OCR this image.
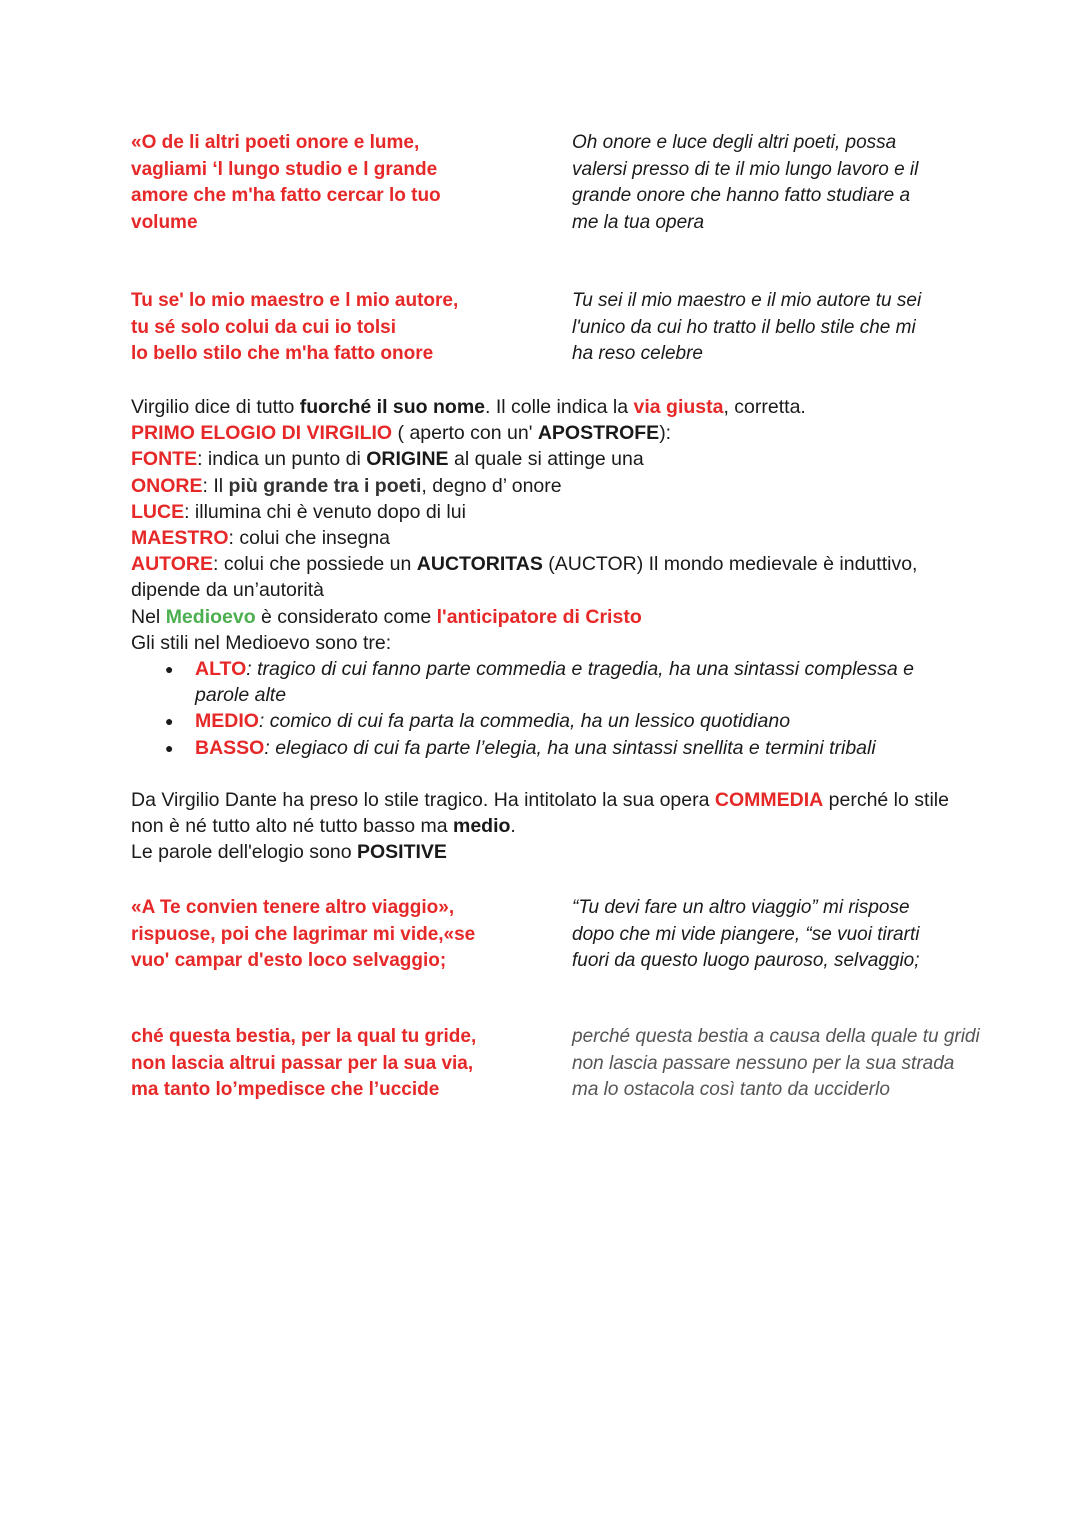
«O de li altri poeti onore e lume,
vagliami ‘l lungo studio e l grande
amore che m'ha fatto cercar lo tuo
volume
Oh onore e luce degli altri poeti, possa
valersi presso di te il mio lungo lavoro e il
grande onore che hanno fatto studiare a
me la tua opera
Tu se' lo mio maestro e l mio autore,
tu sé solo colui da cui io tolsi
lo bello stilo che m'ha fatto onore
Tu sei il mio maestro e il mio autore tu sei
l'unico da cui ho tratto il bello stile che mi
ha reso celebre

Virgilio dice di tutto fuorché il suo nome. Il colle indica la via giusta, corretta.

PRIMO ELOGIO DI VIRGILIO ( aperto con un' APOSTROFE):

FONTE: indica un punto di ORIGINE al quale si attinge una

ONORE: Il più grande tra i poeti, degno d’ onore

LUCE: illumina chi è venuto dopo di lui

MAESTRO: colui che insegna

AUTORE: colui che possiede un AUCTORITAS (AUCTOR) Il mondo medievale è induttivo, dipende da un’autorità

Nel Medioevo è considerato come l'anticipatore di Cristo

Gli stili nel Medioevo sono tre:

● ALTO: tragico di cui fanno parte commedia e tragedia, ha una sintassi complessa e parole alte
● MEDIO: comico di cui fa parta la commedia, ha un lessico quotidiano
● BASSO: elegiaco di cui fa parte l’elegia, ha una sintassi snellita e termini tribali

Da Virgilio Dante ha preso lo stile tragico. Ha intitolato la sua opera COMMEDIA perché lo stile non è né tutto alto né tutto basso ma medio.

Le parole dell'elogio sono POSITIVE

«A Te convien tenere altro viaggio»,
rispuose, poi che lagrimar mi vide,«se
vuo' campar d'esto loco selvaggio;
“Tu devi fare un altro viaggio” mi rispose
dopo che mi vide piangere, “se vuoi tirarti
fuori da questo luogo pauroso, selvaggio;
ché questa bestia, per la qual tu gride,
non lascia altrui passar per la sua via,
ma tanto lo’mpedisce che l’uccide
perché questa bestia a causa della quale tu gridi
non lascia passare nessuno per la sua strada
ma lo ostacola così tanto da ucciderlo
